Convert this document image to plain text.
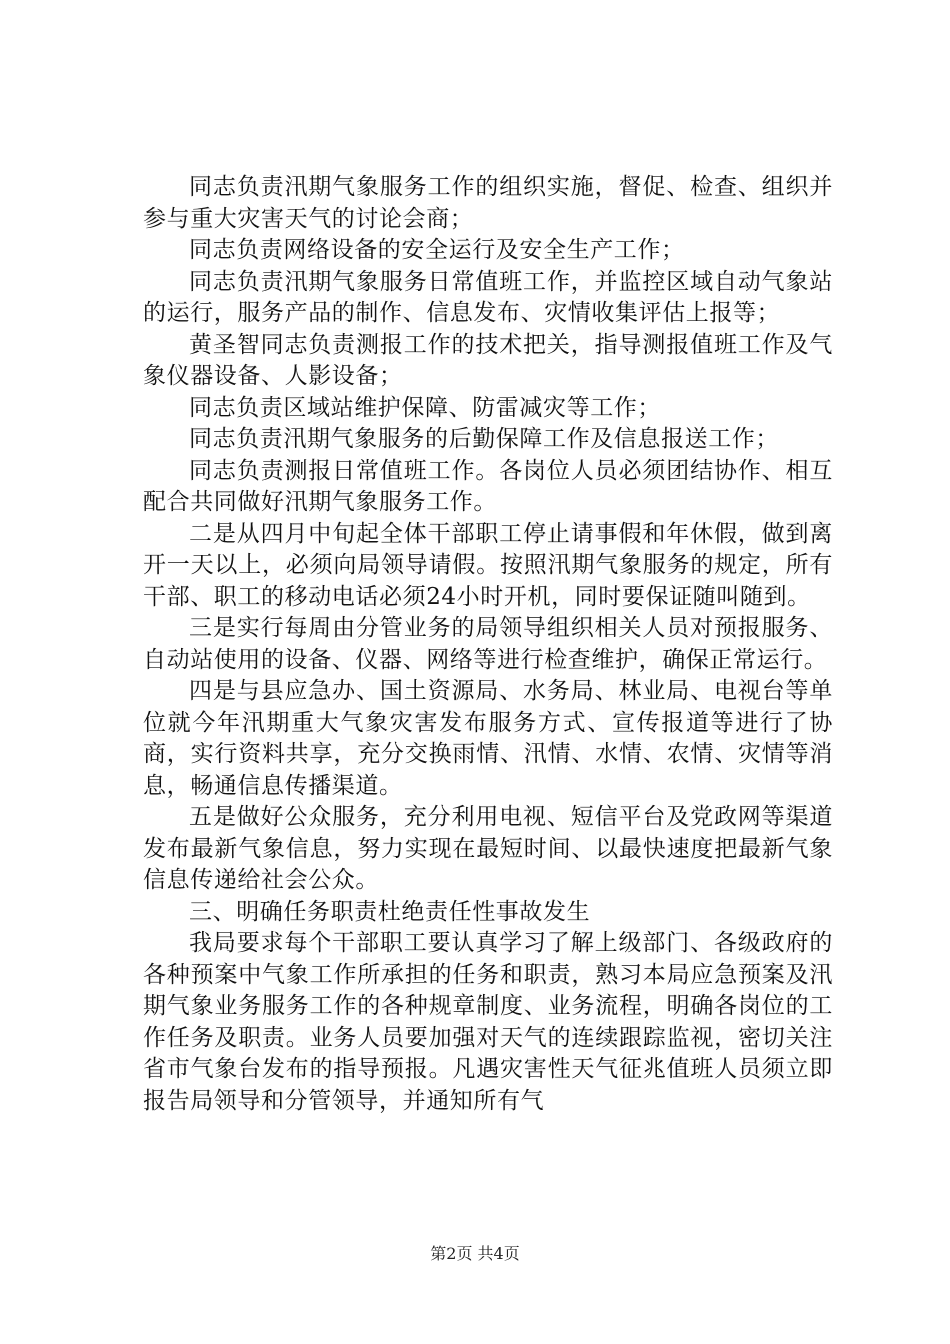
同志负责汛期气象服务工作的组织实施，督促、检查、组织并参与重大灾害天气的讨论会商；

同志负责网络设备的安全运行及安全生产工作；

同志负责汛期气象服务日常值班工作，并监控区域自动气象站的运行，服务产品的制作、信息发布、灾情收集评估上报等；

黄圣智同志负责测报工作的技术把关，指导测报值班工作及气象仪器设备、人影设备；

同志负责区域站维护保障、防雷减灾等工作；

同志负责汛期气象服务的后勤保障工作及信息报送工作；

同志负责测报日常值班工作。各岗位人员必须团结协作、相互配合共同做好汛期气象服务工作。

二是从四月中旬起全体干部职工停止请事假和年休假，做到离开一天以上，必须向局领导请假。按照汛期气象服务的规定，所有干部、职工的移动电话必须24小时开机，同时要保证随叫随到。

三是实行每周由分管业务的局领导组织相关人员对预报服务、自动站使用的设备、仪器、网络等进行检查维护，确保正常运行。

四是与县应急办、国土资源局、水务局、林业局、电视台等单位就今年汛期重大气象灾害发布服务方式、宣传报道等进行了协商，实行资料共享，充分交换雨情、汛情、水情、农情、灾情等消息，畅通信息传播渠道。

五是做好公众服务，充分利用电视、短信平台及党政网等渠道发布最新气象信息，努力实现在最短时间、以最快速度把最新气象信息传递给社会公众。

三、明确任务职责杜绝责任性事故发生

我局要求每个干部职工要认真学习了解上级部门、各级政府的各种预案中气象工作所承担的任务和职责，熟习本局应急预案及汛期气象业务服务工作的各种规章制度、业务流程，明确各岗位的工作任务及职责。业务人员要加强对天气的连续跟踪监视，密切关注省市气象台发布的指导预报。凡遇灾害性天气征兆值班人员须立即报告局领导和分管领导，并通知所有气

第2页 共4页
